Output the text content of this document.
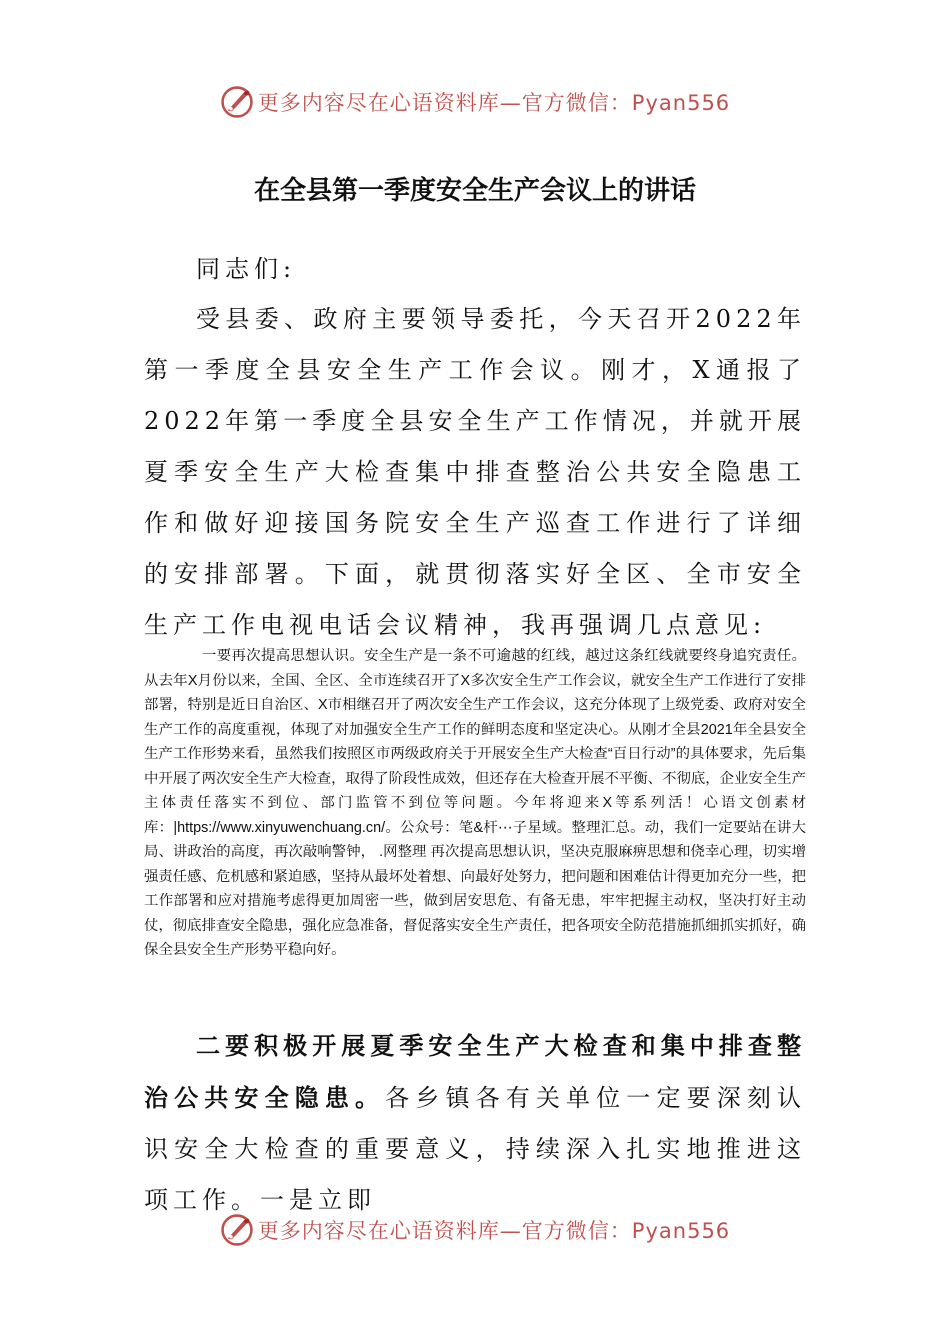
更多内容尽在心语资料库—官方微信：Pyan556
在全县第一季度安全生产会议上的讲话

同志们:

受县委、政府主要领导委托，今天召开2022年第一季度全县安全生产工作会议。刚才，X通报了2022年第一季度全县安全生产工作情况，并就开展夏季安全生产大检查集中排查整治公共安全隐患工作和做好迎接国务院安全生产巡查工作进行了详细的安排部署。下面，就贯彻落实好全区、全市安全生产工作电视电话会议精神，我再强调几点意见:

一要再次提高思想认识。安全生产是一条不可逾越的红线，越过这条红线就要终身追究责任。从去年X月份以来，全国、全区、全市连续召开了X多次安全生产工作会议，就安全生产工作进行了安排部署，特别是近日自治区、X市相继召开了两次安全生产工作会议，这充分体现了上级党委、政府对安全生产工作的高度重视，体现了对加强安全生产工作的鲜明态度和坚定决心。从刚才全县2021年全县安全生产工作形势来看，虽然我们按照区市两级政府关于开展安全生产大检查“百日行动”的具体要求，先后集中开展了两次安全生产大检查，取得了阶段性成效，但还存在大检查开展不平衡、不彻底，企业安全生产主体责任落实不到位、部门监管不到位等问题。今年将迎来X等系列活！心语文创素材库：|https://www.xinyuwenchuang.cn/。公众号：笔&杆⋯子星域。整理汇总。动，我们一定要站在讲大局、讲政治的高度，再次敲响警钟， .网整理 再次提高思想认识，坚决克服麻痹思想和侥幸心理，切实增强责任感、危机感和紧迫感，坚持从最坏处着想、向最好处努力，把问题和困难估计得更加充分一些，把工作部署和应对措施考虑得更加周密一些，做到居安思危、有备无患，牢牢把握主动权，坚决打好主动仗，彻底排查安全隐患，强化应急准备，督促落实安全生产责任，把各项安全防范措施抓细抓实抓好，确保全县安全生产形势平稳向好。

二要积极开展夏季安全生产大检查和集中排查整治公共安全隐患。各乡镇各有关单位一定要深刻认识安全大检查的重要意义，持续深入扎实地推进这项工作。一是立即

更多内容尽在心语资料库—官方微信：Pyan556
